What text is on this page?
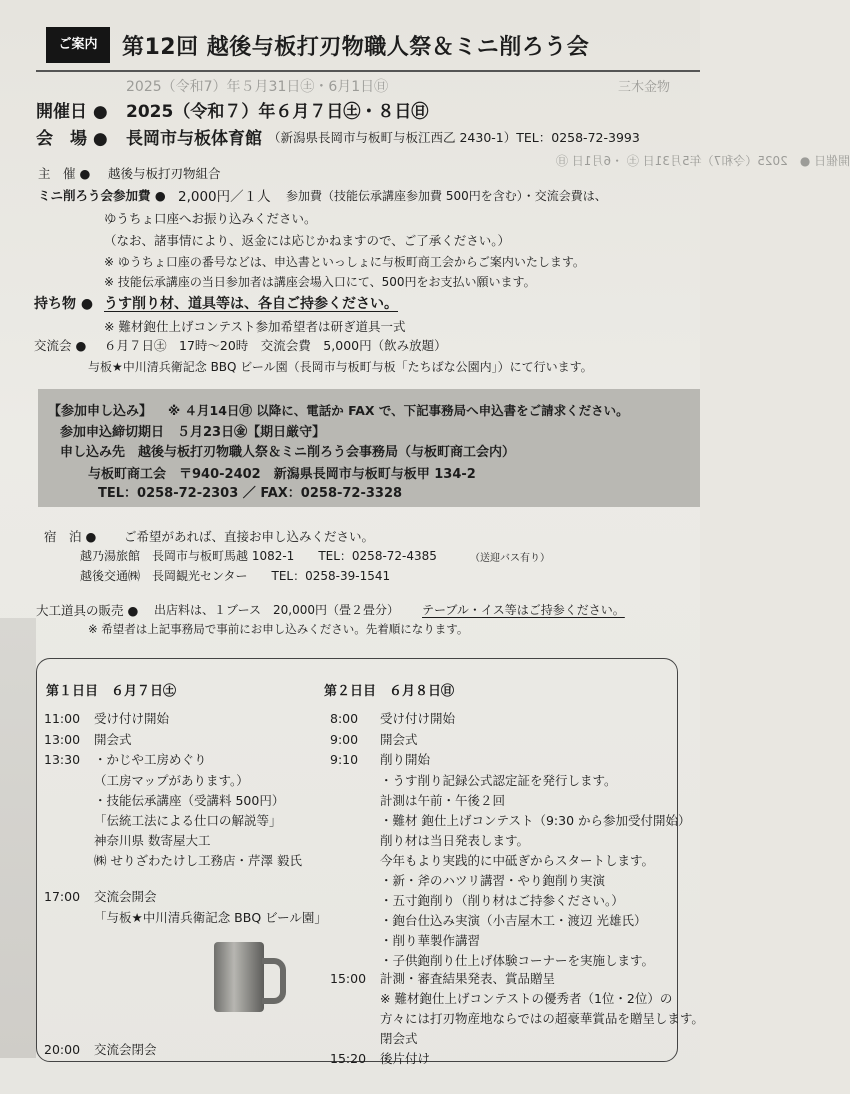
2025（令和7）年５月31日㊏・6月1日㊐	三木金物
開催日 ●　2025（令和7）年5月31日 ㊏ ・6月1日 ㊐
ご案内	第12回 越後与板打刃物職人祭＆ミニ削ろう会
開催日 ●	2025（令和７）年６月７日㊏・８日㊐
会　場 ●	長岡市与板体育館 （新潟県長岡市与板町与板江西乙 2430-1）TEL：0258-72-3993
主　催 ●	越後与板打刃物組合
ミニ削ろう会参加費 ●	2,000円／１人 参加費（技能伝承講座参加費 500円を含む）・交流会費は、
ゆうちょ口座へお振り込みください。
（なお、諸事情により、返金には応じかねますので、ご了承ください。）
※ ゆうちょ口座の番号などは、申込書といっしょに与板町商工会からご案内いたします。
※ 技能伝承講座の当日参加者は講座会場入口にて、500円をお支払い願います。
持ち物 ●	うす削り材、道具等は、各自ご持参ください。
※ 難材鉋仕上げコンテスト参加希望者は研ぎ道具一式
交流会 ●	６月７日㊏　17時～20時　交流会費　5,000円（飲み放題）
与板★中川清兵衛記念 BBQ ビール園（長岡市与板町与板「たちばな公園内」）にて行います。
【参加申し込み】 ※ ４月14日㊊ 以降に、電話か FAX で、下記事務局へ申込書をご請求ください。
参加申込締切期日　５月23日㊎【期日厳守】
申し込み先　越後与板打刃物職人祭＆ミニ削ろう会事務局（与板町商工会内）
与板町商工会　〒940-2402　新潟県長岡市与板町与板甲 134-2
TEL：0258-72-2303 ／ FAX：0258-72-3328
宿　泊 ●	ご希望があれば、直接お申し込みください。
越乃湯旅館　長岡市与板町馬越 1082-1　　TEL：0258-72-4385	（送迎バス有り）
越後交通㈱　長岡観光センター　　TEL：0258-39-1541
大工道具の販売 ●	出店料は、１ブース　20,000円（畳２畳分） テーブル・イス等はご持参ください。
※ 希望者は上記事務局で事前にお申し込みください。先着順になります。
第１日目　６月７日㊏	第２日目　６月８日㊐
11:00 受け付け開始
13:00 開会式
13:30 ・かじや工房めぐり
（工房マップがあります。）
・技能伝承講座（受講料 500円）
「伝統工法による仕口の解説等」
神奈川県 数寄屋大工
㈱ せりざわたけし工務店・芹澤 毅氏
17:00 交流会開会
「与板★中川清兵衛記念 BBQ ビール園」
20:00 交流会閉会
8:00 受け付け開始
9:00 開会式
9:10 削り開始
・うす削り記録公式認定証を発行します。
計測は午前・午後２回
・難材 鉋仕上げコンテスト（9:30 から参加受付開始）
削り材は当日発表します。
今年もより実践的に中砥ぎからスタートします。
・新・斧のハツリ講習・やり鉋削り実演
・五寸鉋削り（削り材はご持参ください。）
・鉋台仕込み実演（小吉屋木工・渡辺 光雄氏）
・削り華製作講習
・子供鉋削り仕上げ体験コーナーを実施します。
15:00 計測・審査結果発表、賞品贈呈
※ 難材鉋仕上げコンテストの優秀者（1位・2位）の
方々には打刃物産地ならではの超豪華賞品を贈呈します。
閉会式
15:20 後片付け
